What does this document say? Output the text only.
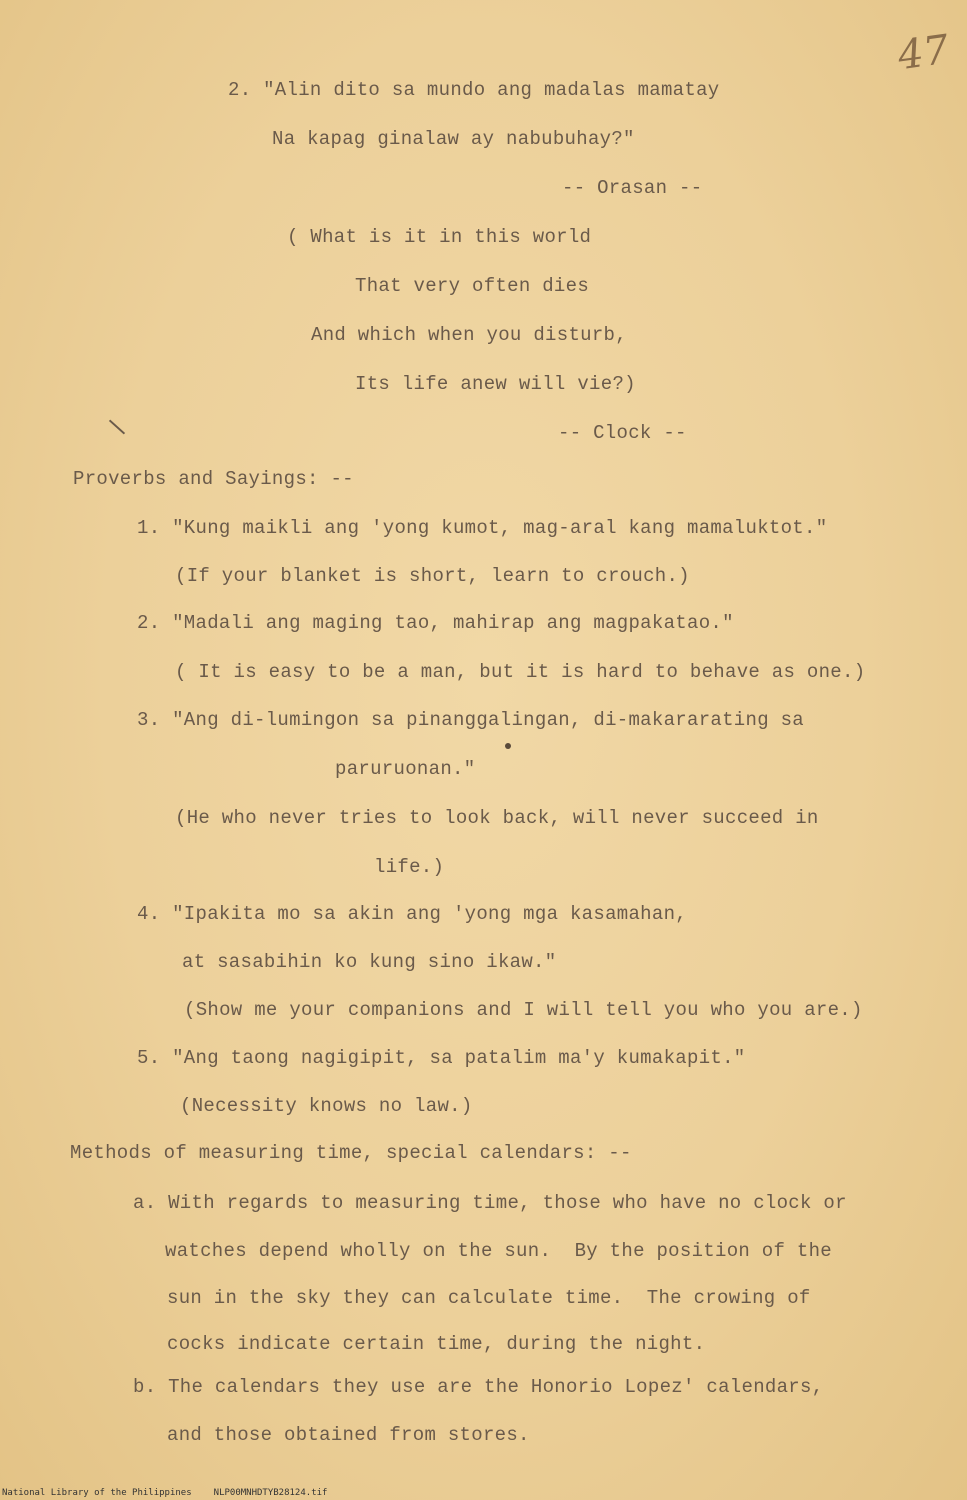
47
2. "Alin dito sa mundo ang madalas mamatay
Na kapag ginalaw ay nabubuhay?"
-- Orasan --
( What is it in this world
That very often dies
And which when you disturb,
Its life anew will vie?)
-- Clock --
Proverbs and Sayings: --
1. "Kung maikli ang 'yong kumot, mag-aral kang mamaluktot."
(If your blanket is short, learn to crouch.)
2. "Madali ang maging tao, mahirap ang magpakatao."
( It is easy to be a man, but it is hard to behave as one.)
3. "Ang di-lumingon sa pinanggalingan, di-makararating sa
paruruonan."
(He who never tries to look back, will never succeed in
life.)
4. "Ipakita mo sa akin ang 'yong mga kasamahan,
at sasabihin ko kung sino ikaw."
(Show me your companions and I will tell you who you are.)
5. "Ang taong nagigipit, sa patalim ma'y kumakapit."
(Necessity knows no law.)
Methods of measuring time, special calendars: --
a. With regards to measuring time, those who have no clock or
watches depend wholly on the sun.  By the position of the
sun in the sky they can calculate time.  The crowing of
cocks indicate certain time, during the night.
b. The calendars they use are the Honorio Lopez' calendars,
and those obtained from stores.
National Library of the Philippines NLP00MNHDTYB28124.tif
